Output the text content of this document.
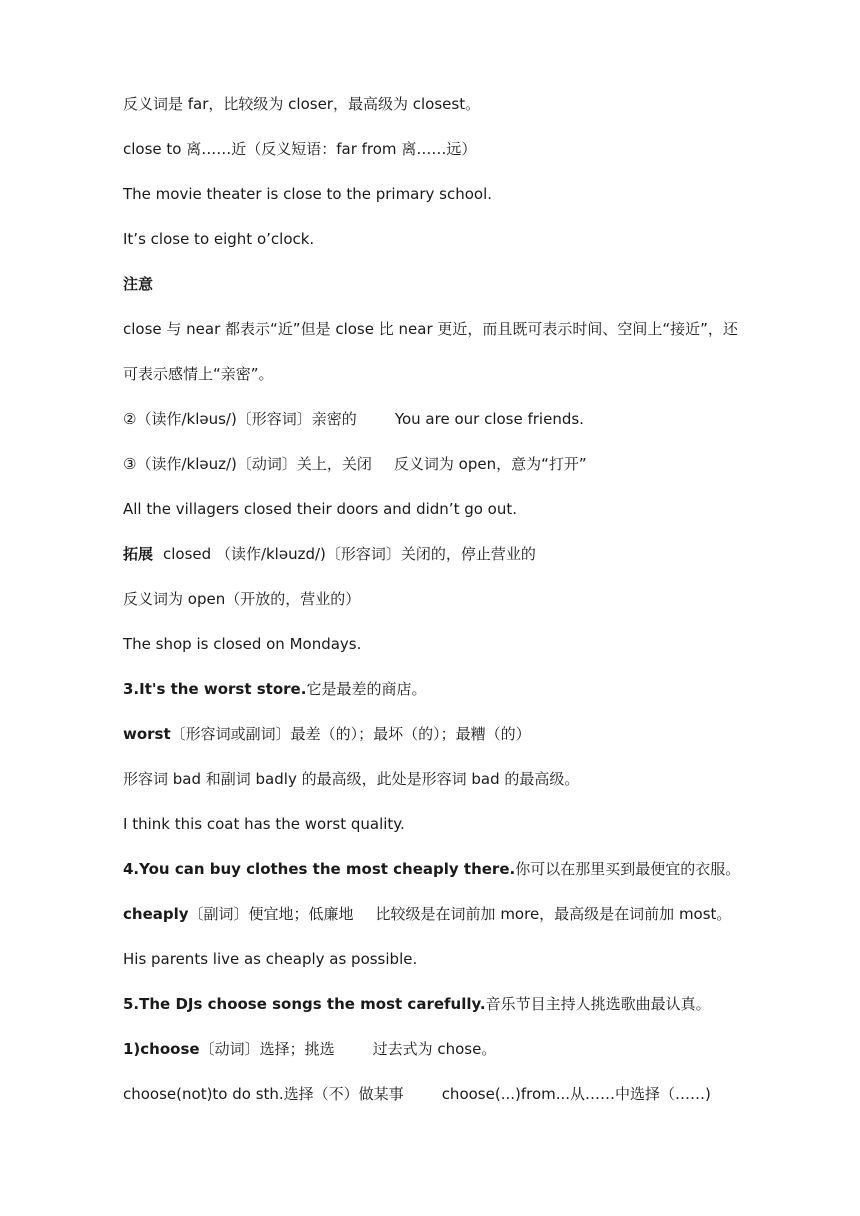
反义词是 far，比较级为 closer，最高级为 closest。
close to 离……近（反义短语：far from 离……远）
The movie theater is close to the primary school.
It’s close to eight o’clock.
注意
close 与 near 都表示“近”但是 close 比 near 更近，而且既可表示时间、空间上“接近”，还
可表示感情上“亲密”。
②（读作/kləus/)〔形容词〕亲密的	You are our close friends.
③（读作/kləuz/)〔动词〕关上，关闭 反义词为 open，意为“打开”
All the villagers closed their doors and didn’t go out.
拓展 closed （读作/kləuzd/)〔形容词〕关闭的，停止营业的
反义词为 open（开放的，营业的）
The shop is closed on Mondays.
3.It's the worst store.它是最差的商店。
worst〔形容词或副词〕最差（的）；最坏（的）；最糟（的）
形容词 bad 和副词 badly 的最高级，此处是形容词 bad 的最高级。
I think this coat has the worst quality.
4.You can buy clothes the most cheaply there.你可以在那里买到最便宜的衣服。
cheaply〔副词〕便宜地；低廉地 比较级是在词前加 more，最高级是在词前加 most。
His parents live as cheaply as possible.
5.The DJs choose songs the most carefully.音乐节目主持人挑选歌曲最认真。
1)choose〔动词〕选择；挑选	过去式为 chose。
choose(not)to do sth.选择（不）做某事	choose(...)from...从……中选择（……)
